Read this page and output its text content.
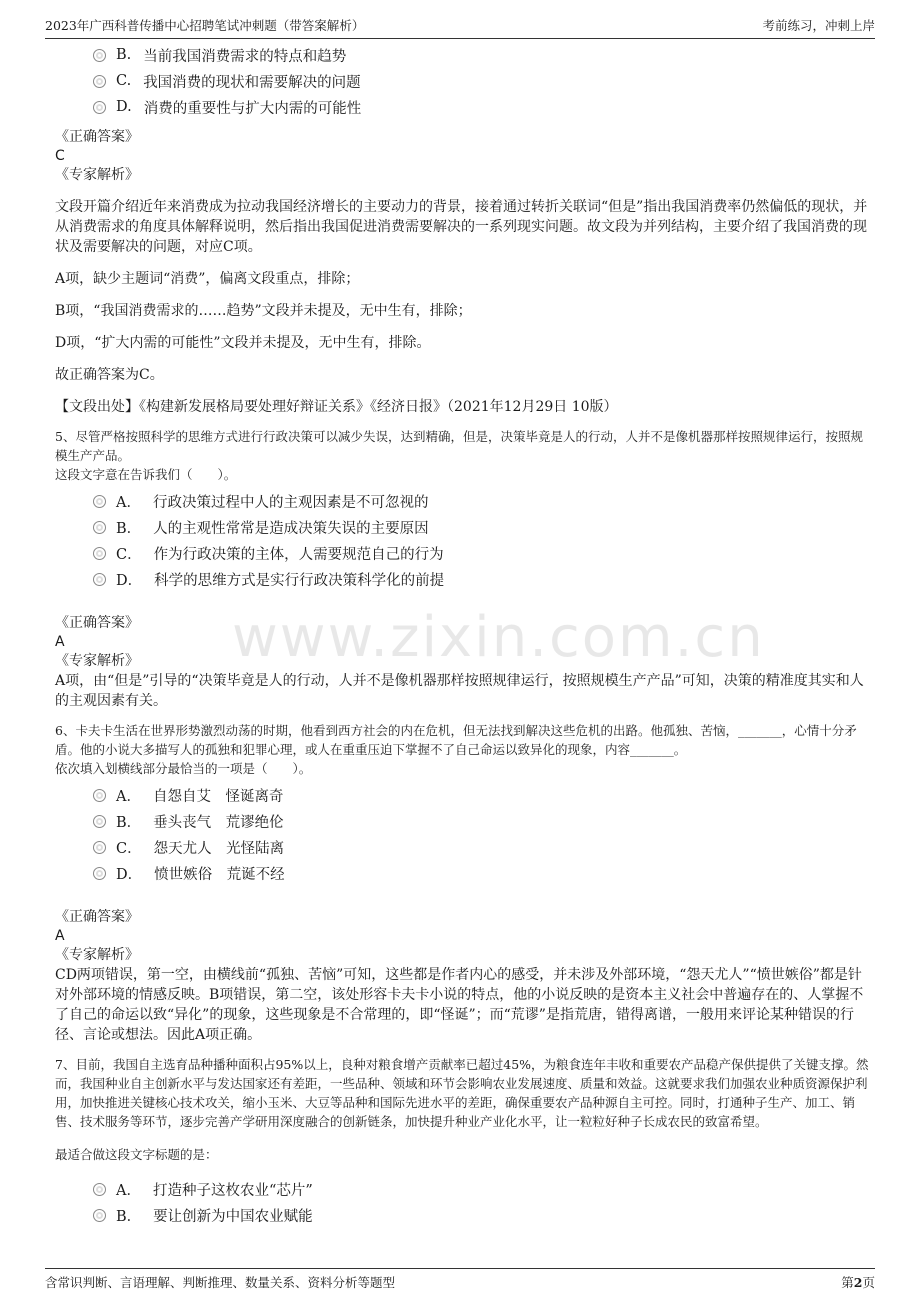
2023年广西科普传播中心招聘笔试冲刺题（带答案解析）	考前练习，冲刺上岸
www.zixin.com.cn
B. 当前我国消费需求的特点和趋势
C. 我国消费的现状和需要解决的问题
D. 消费的重要性与扩大内需的可能性
《正确答案》
C
《专家解析》
文段开篇介绍近年来消费成为拉动我国经济增长的主要动力的背景，接着通过转折关联词“但是”指出我国消费率仍然偏低的现状，并从消费需求的角度具体解释说明，然后指出我国促进消费需要解决的一系列现实问题。故文段为并列结构，主要介绍了我国消费的现状及需要解决的问题，对应C项。
A项，缺少主题词“消费”，偏离文段重点，排除；
B项，“我国消费需求的……趋势”文段并未提及，无中生有，排除；
D项，“扩大内需的可能性”文段并未提及，无中生有，排除。
故正确答案为C。
【文段出处】《构建新发展格局要处理好辩证关系》《经济日报》（2021年12月29日 10版）
5、尽管严格按照科学的思维方式进行行政决策可以减少失误，达到精确，但是，决策毕竟是人的行动，人并不是像机器那样按照规律运行，按照规模生产产品。
这段文字意在告诉我们（　　）。
A． 行政决策过程中人的主观因素是不可忽视的
B． 人的主观性常常是造成决策失误的主要原因
C． 作为行政决策的主体，人需要规范自己的行为
D． 科学的思维方式是实行行政决策科学化的前提
《正确答案》
A
《专家解析》
A项，由“但是”引导的“决策毕竟是人的行动，人并不是像机器那样按照规律运行，按照规模生产产品”可知，决策的精准度其实和人的主观因素有关。
6、卡夫卡生活在世界形势激烈动荡的时期，他看到西方社会的内在危机，但无法找到解决这些危机的出路。他孤独、苦恼，_______，心情十分矛盾。他的小说大多描写人的孤独和犯罪心理，或人在重重压迫下掌握不了自己命运以致异化的现象，内容_______。
依次填入划横线部分最恰当的一项是（　　）。
A． 自怨自艾　怪诞离奇
B． 垂头丧气　荒谬绝伦
C． 怨天尤人　光怪陆离
D． 愤世嫉俗　荒诞不经
《正确答案》
A
《专家解析》
CD两项错误，第一空，由横线前“孤独、苦恼”可知，这些都是作者内心的感受，并未涉及外部环境，“怨天尤人”“愤世嫉俗”都是针对外部环境的情感反映。B项错误，第二空，该处形容卡夫卡小说的特点，他的小说反映的是资本主义社会中普遍存在的、人掌握不了自己的命运以致“异化”的现象，这些现象是不合常理的，即“怪诞”；而“荒谬”是指荒唐，错得离谱，一般用来评论某种错误的行径、言论或想法。因此A项正确。
7、目前，我国自主选育品种播种面积占95%以上，良种对粮食增产贡献率已超过45%，为粮食连年丰收和重要农产品稳产保供提供了关键支撑。然而，我国种业自主创新水平与发达国家还有差距，一些品种、领域和环节会影响农业发展速度、质量和效益。这就要求我们加强农业种质资源保护利用，加快推进关键核心技术攻关，缩小玉米、大豆等品种和国际先进水平的差距，确保重要农产品种源自主可控。同时，打通种子生产、加工、销售、技术服务等环节，逐步完善产学研用深度融合的创新链条，加快提升种业产业化水平，让一粒粒好种子长成农民的致富希望。
最适合做这段文字标题的是：
A． 打造种子这枚农业“芯片”
B． 要让创新为中国农业赋能
含常识判断、言语理解、判断推理、数量关系、资料分析等题型	第2页
